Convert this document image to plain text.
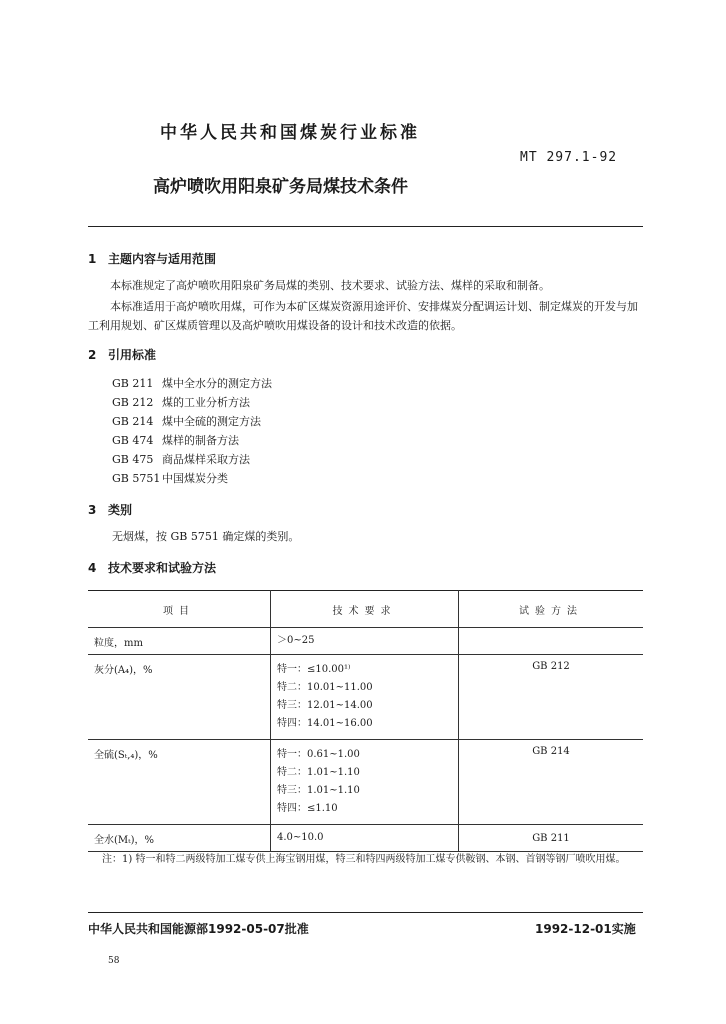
中华人民共和国煤炭行业标准
MT 297.1-92
高炉喷吹用阳泉矿务局煤技术条件
1 主题内容与适用范围
本标准规定了高炉喷吹用阳泉矿务局煤的类别、技术要求、试验方法、煤样的采取和制备。
本标准适用于高炉喷吹用煤，可作为本矿区煤炭资源用途评价、安排煤炭分配调运计划、制定煤炭的开发与加工利用规划、矿区煤质管理以及高炉喷吹用煤设备的设计和技术改造的依据。
2 引用标准
GB 211 煤中全水分的测定方法
GB 212 煤的工业分析方法
GB 214 煤中全硫的测定方法
GB 474 煤样的制备方法
GB 475 商品煤样采取方法
GB 5751 中国煤炭分类
3 类别
无烟煤，按 GB 5751 确定煤的类别。
4 技术要求和试验方法
项目	技术要求	试验方法
粒度，mm	＞0~25	

灰分(A₄)，%	特一：≤10.00¹⁾
特二：10.01~11.00
特三：12.01~14.00
特四：14.01~16.00	GB 212
全硫(Sₜ,₄)，%	特一：0.61~1.00
特二：1.01~1.10
特三：1.01~1.10
特四：≤1.10	GB 214
全水(Mₜ)，%	4.0~10.0	GB 211
注：1) 特一和特二两级特加工煤专供上海宝钢用煤，特三和特四两级特加工煤专供鞍钢、本钢、首钢等钢厂喷吹用煤。
中华人民共和国能源部1992-05-07批准	1992-12-01实施
58
